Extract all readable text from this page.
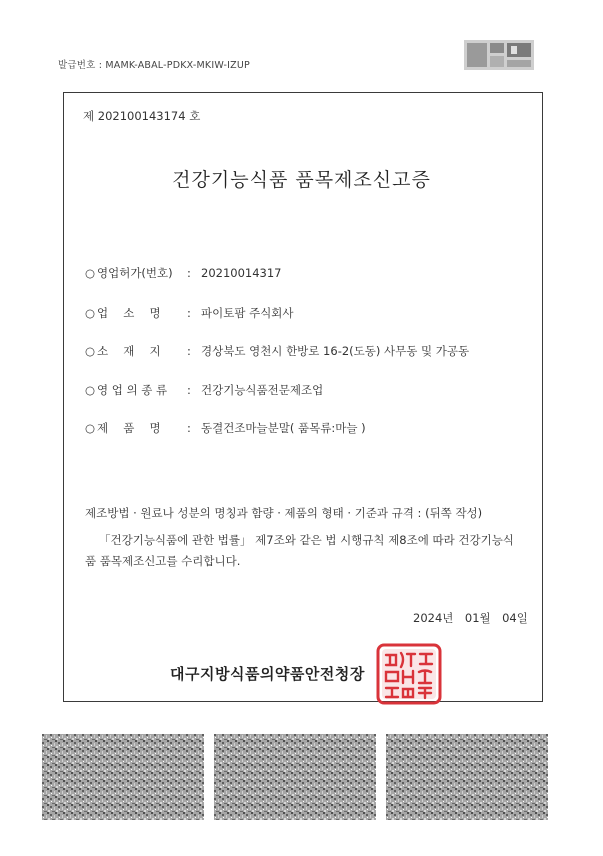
발급번호 : MAMK-ABAL-PDKX-MKIW-IZUP
제 202100143174 호
건강기능식품 품목제조신고증
○ 영업허가(번호) : 20210014317
○ 업　 소　 명 : 파이토팜 주식회사
○ 소　 재　 지 : 경상북도 영천시 한방로 16-2(도동) 사무동 및 가공동
○ 영 업 의 종 류 : 건강기능식품전문제조업
○ 제　 품　 명 : 동결건조마늘분말( 품목류:마늘 )
제조방법 · 원료나 성분의 명칭과 함량 · 제품의 형태 · 기준과 규격 : (뒤쪽 작성)
「건강기능식품에 관한 법률」 제7조와 같은 법 시행규칙 제8조에 따라 건강기능식품 품목제조신고를 수리합니다.
2024년　01월　04일
대구지방식품의약품안전청장
